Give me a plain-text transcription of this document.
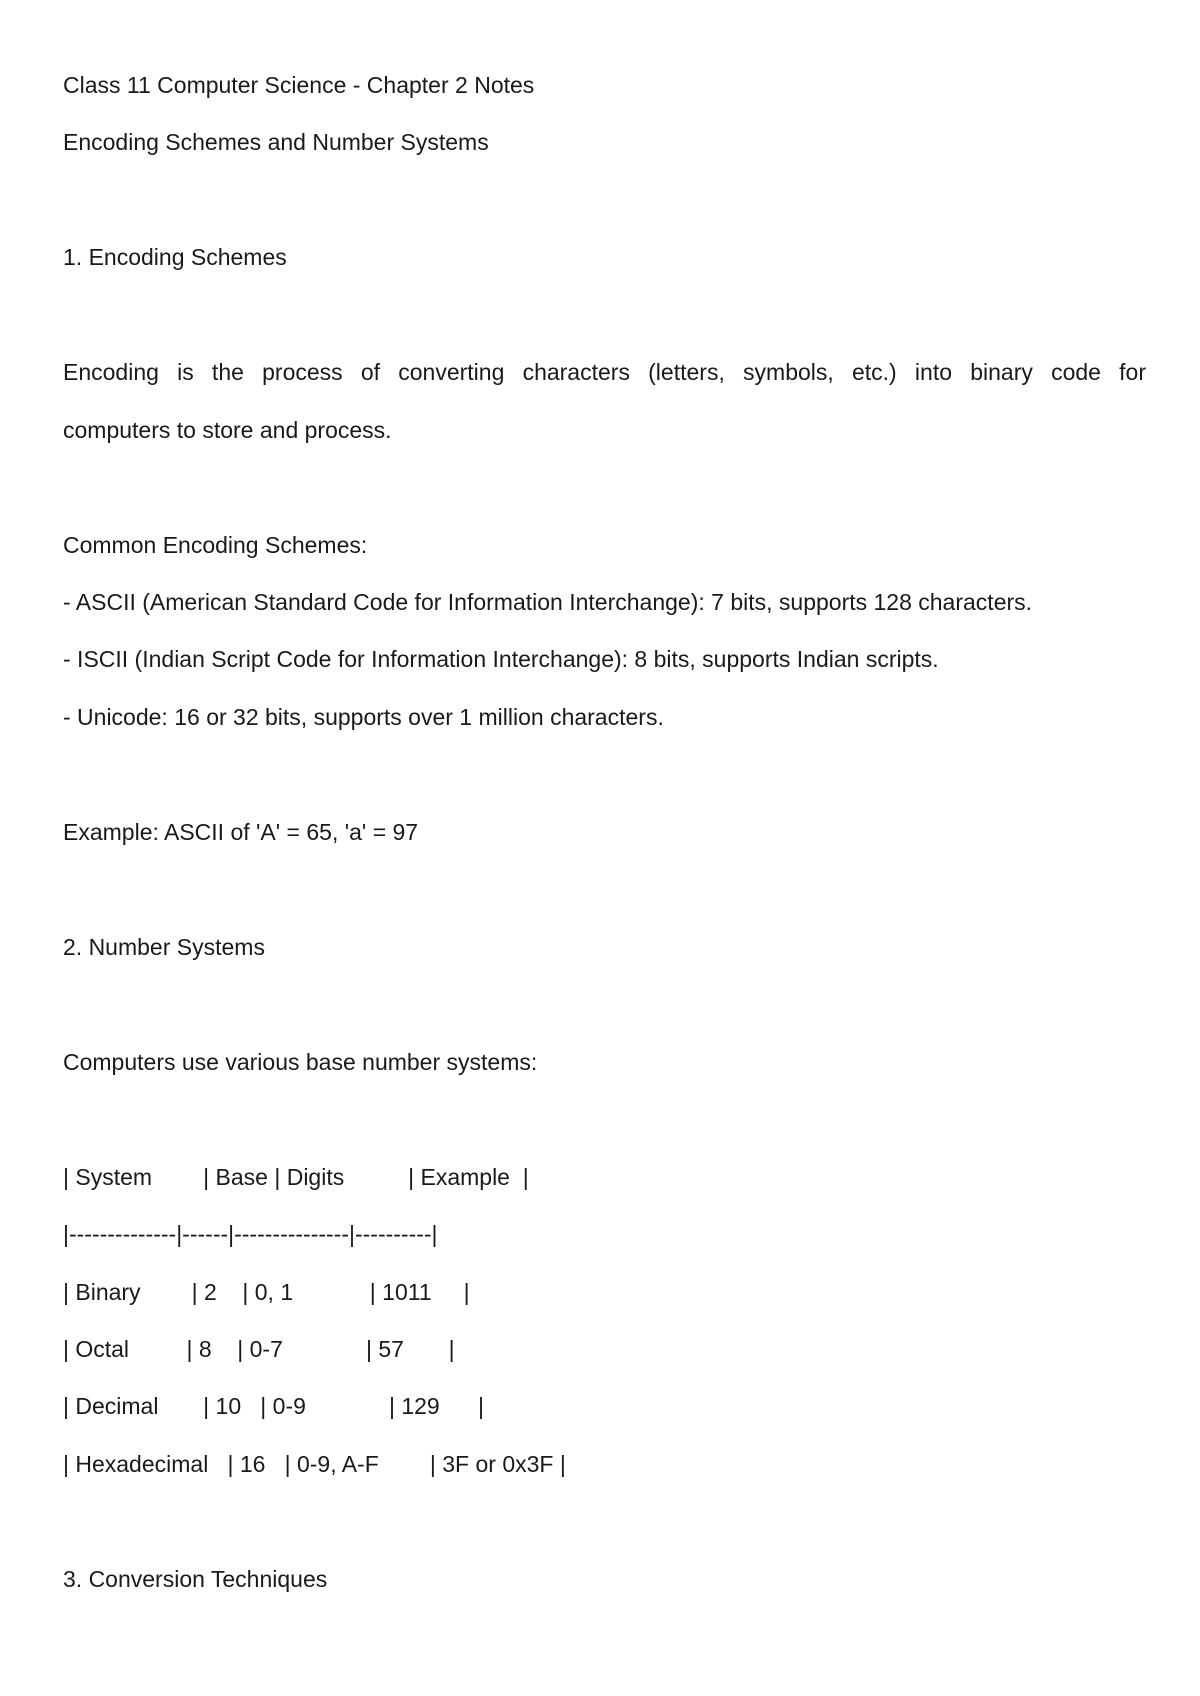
Class 11 Computer Science - Chapter 2 Notes

Encoding Schemes and Number Systems

1. Encoding Schemes

Encoding is the process of converting characters (letters, symbols, etc.) into binary code for

computers to store and process.

Common Encoding Schemes:

- ASCII (American Standard Code for Information Interchange): 7 bits, supports 128 characters.

- ISCII (Indian Script Code for Information Interchange): 8 bits, supports Indian scripts.

- Unicode: 16 or 32 bits, supports over 1 million characters.

Example: ASCII of 'A' = 65, 'a' = 97

2. Number Systems

Computers use various base number systems:

| System        | Base | Digits          | Example  |

|--------------|------|---------------|----------|

| Binary        | 2    | 0, 1            | 1011     |

| Octal         | 8    | 0-7             | 57       |

| Decimal       | 10   | 0-9             | 129      |

| Hexadecimal   | 16   | 0-9, A-F        | 3F or 0x3F |

3. Conversion Techniques
